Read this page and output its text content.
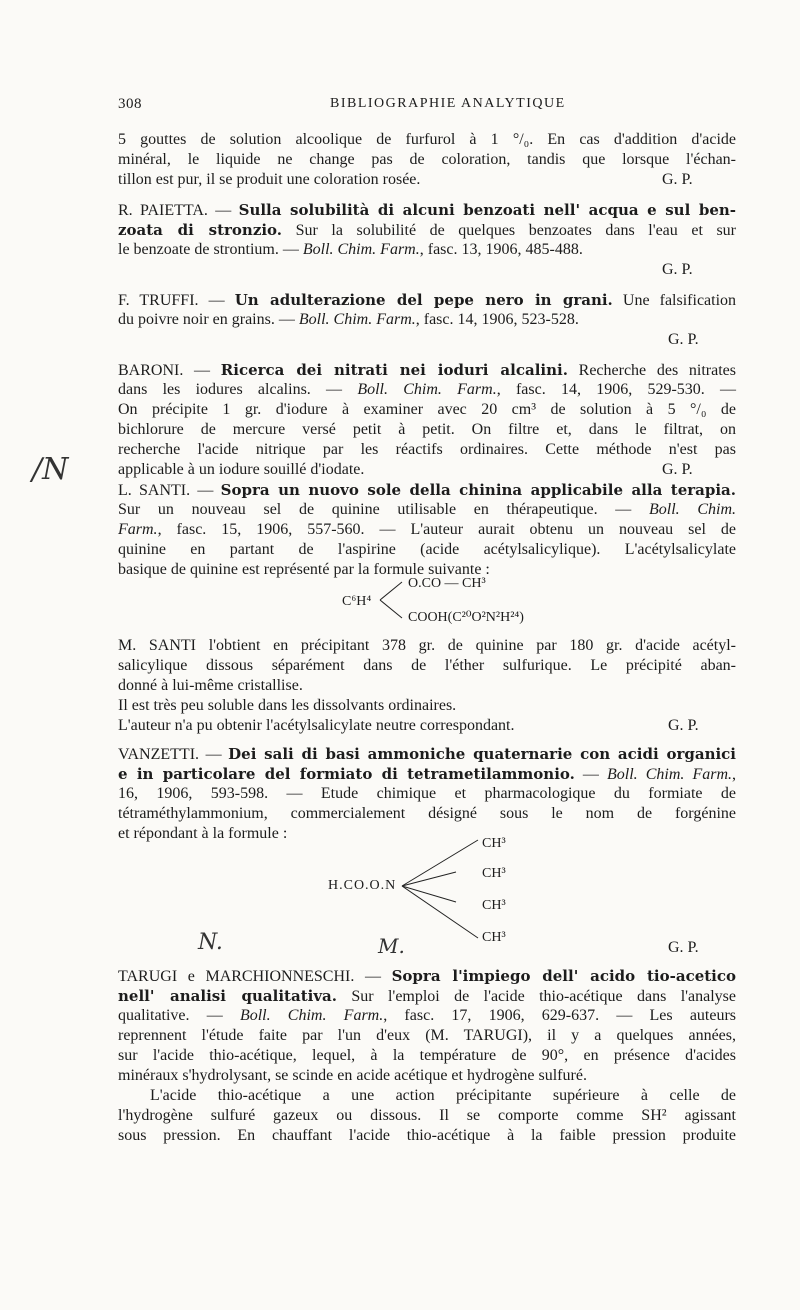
308	BIBLIOGRAPHIE ANALYTIQUE
5 gouttes de solution alcoolique de furfurol à 1 °/₀. En cas d'addition d'acide
minéral, le liquide ne change pas de coloration, tandis que lorsque l'échan-
tillon est pur, il se produit une coloration rosée.	G. P.
R. PAIETTA. — Sulla solubilità di alcuni benzoati nell' acqua e sul ben-
zoata di stronzio. Sur la solubilité de quelques benzoates dans l'eau et sur
le benzoate de strontium. — Boll. Chim. Farm., fasc. 13, 1906, 485-488.
G. P.
F. TRUFFI. — Un adulterazione del pepe nero in grani. Une falsification
du poivre noir en grains. — Boll. Chim. Farm., fasc. 14, 1906, 523-528.
G. P.
BARONI. — Ricerca dei nitrati nei ioduri alcalini. Recherche des nitrates
dans les iodures alcalins. — Boll. Chim. Farm., fasc. 14, 1906, 529-530. —
On précipite 1 gr. d'iodure à examiner avec 20 cm³ de solution à 5 °/₀ de
bichlorure de mercure versé petit à petit. On filtre et, dans le filtrat, on
recherche l'acide nitrique par les réactifs ordinaires. Cette méthode n'est pas
applicable à un iodure souillé d'iodate.	G. P.
/N
L. SANTI. — Sopra un nuovo sole della chinina applicabile alla terapia.
Sur un nouveau sel de quinine utilisable en thérapeutique. — Boll. Chim.
Farm., fasc. 15, 1906, 557-560. — L'auteur aurait obtenu un nouveau sel de
quinine en partant de l'aspirine (acide acétylsalicylique). L'acétylsalicylate
basique de quinine est représenté par la formule suivante :
C⁶H⁴
O.CO — CH³
COOH(C²⁰O²N²H²⁴)
M. SANTI l'obtient en précipitant 378 gr. de quinine par 180 gr. d'acide acétyl-
salicylique dissous séparément dans de l'éther sulfurique. Le précipité aban-
donné à lui-même cristallise.
Il est très peu soluble dans les dissolvants ordinaires.
L'auteur n'a pu obtenir l'acétylsalicylate neutre correspondant.	G. P.
VANZETTI. — Dei sali di basi ammoniche quaternarie con acidi organici
e in particolare del formiato di tetrametilammonio. — Boll. Chim. Farm.,
16, 1906, 593-598. — Etude chimique et pharmacologique du formiate de
tétraméthylammonium, commercialement désigné sous le nom de forgénine
et répondant à la formule :
H.CO.O.N
CH³
CH³
CH³
CH³
G. P.
N.	M.
TARUGI e MARCHIONNESCHI. — Sopra l'impiego dell' acido tio-acetico
nell' analisi qualitativa. Sur l'emploi de l'acide thio-acétique dans l'analyse
qualitative. — Boll. Chim. Farm., fasc. 17, 1906, 629-637. — Les auteurs
reprennent l'étude faite par l'un d'eux (M. TARUGI), il y a quelques années,
sur l'acide thio-acétique, lequel, à la température de 90°, en présence d'acides
minéraux s'hydrolysant, se scinde en acide acétique et hydrogène sulfuré.
L'acide thio-acétique a une action précipitante supérieure à celle de
l'hydrogène sulfuré gazeux ou dissous. Il se comporte comme SH² agissant
sous pression. En chauffant l'acide thio-acétique à la faible pression produite
